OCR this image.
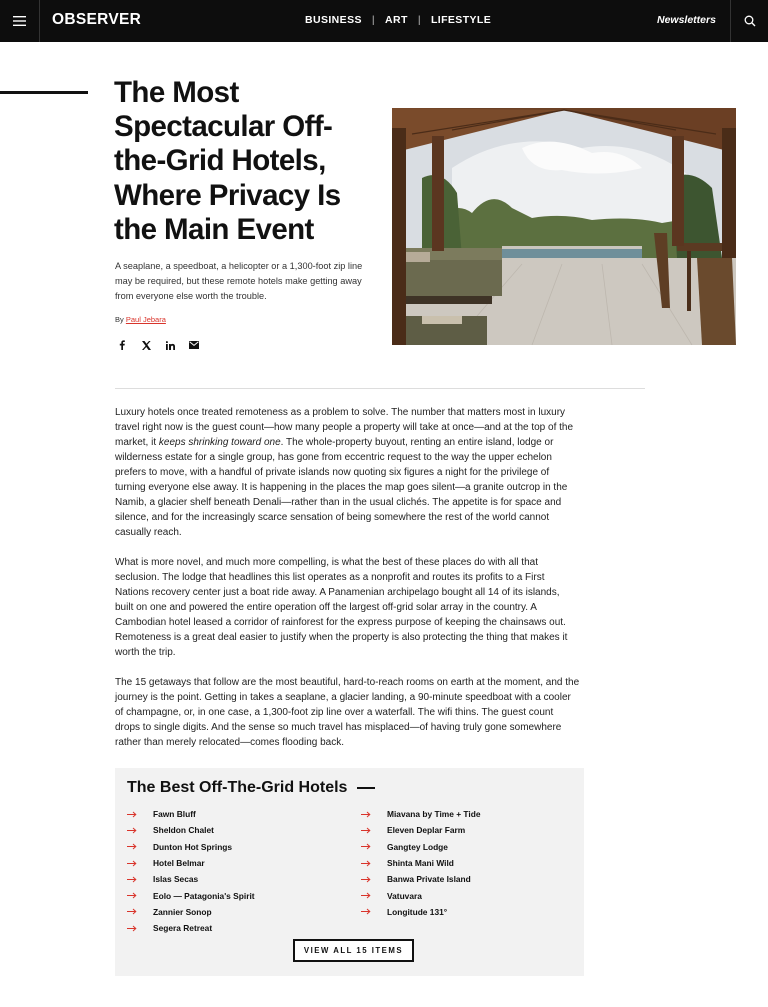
OBSERVER	BUSINESS | ART | LIFESTYLE	Newsletters
The Most Spectacular Off-the-Grid Hotels, Where Privacy Is the Main Event
A seaplane, a speedboat, a helicopter or a 1,300-foot zip line may be required, but these remote hotels make getting away from everyone else worth the trouble.
By Paul Jebara

Luxury hotels once treated remoteness as a problem to solve. The number that matters most in luxury travel right now is the guest count—how many people a property will take at once—and at the top of the market, it keeps shrinking toward one. The whole-property buyout, renting an entire island, lodge or wilderness estate for a single group, has gone from eccentric request to the way the upper echelon prefers to move, with a handful of private islands now quoting six figures a night for the privilege of turning everyone else away. It is happening in the places the map goes silent—a granite outcrop in the Namib, a glacier shelf beneath Denali—rather than in the usual clichés. The appetite is for space and silence, and for the increasingly scarce sensation of being somewhere the rest of the world cannot casually reach.

What is more novel, and much more compelling, is what the best of these places do with all that seclusion. The lodge that headlines this list operates as a nonprofit and routes its profits to a First Nations recovery center just a boat ride away. A Panamenian archipelago bought all 14 of its islands, built on one and powered the entire operation off the largest off-grid solar array in the country. A Cambodian hotel leased a corridor of rainforest for the express purpose of keeping the chainsaws out. Remoteness is a great deal easier to justify when the property is also protecting the thing that makes it worth the trip.

The 15 getaways that follow are the most beautiful, hard-to-reach rooms on earth at the moment, and the journey is the point. Getting in takes a seaplane, a glacier landing, a 90-minute speedboat with a cooler of champagne, or, in one case, a 1,300-foot zip line over a waterfall. The wifi thins. The guest count drops to single digits. And the sense so much travel has misplaced—of having truly gone somewhere rather than merely relocated—comes flooding back.

The Best Off-The-Grid Hotels
Fawn Bluff
Sheldon Chalet
Dunton Hot Springs
Hotel Belmar
Islas Secas
Eolo — Patagonia's Spirit
Zannier Sonop
Segera Retreat
Miavana by Time + Tide
Eleven Deplar Farm
Gangtey Lodge
Shinta Mani Wild
Banwa Private Island
Vatuvara
Longitude 131°
VIEW ALL 15 ITEMS
